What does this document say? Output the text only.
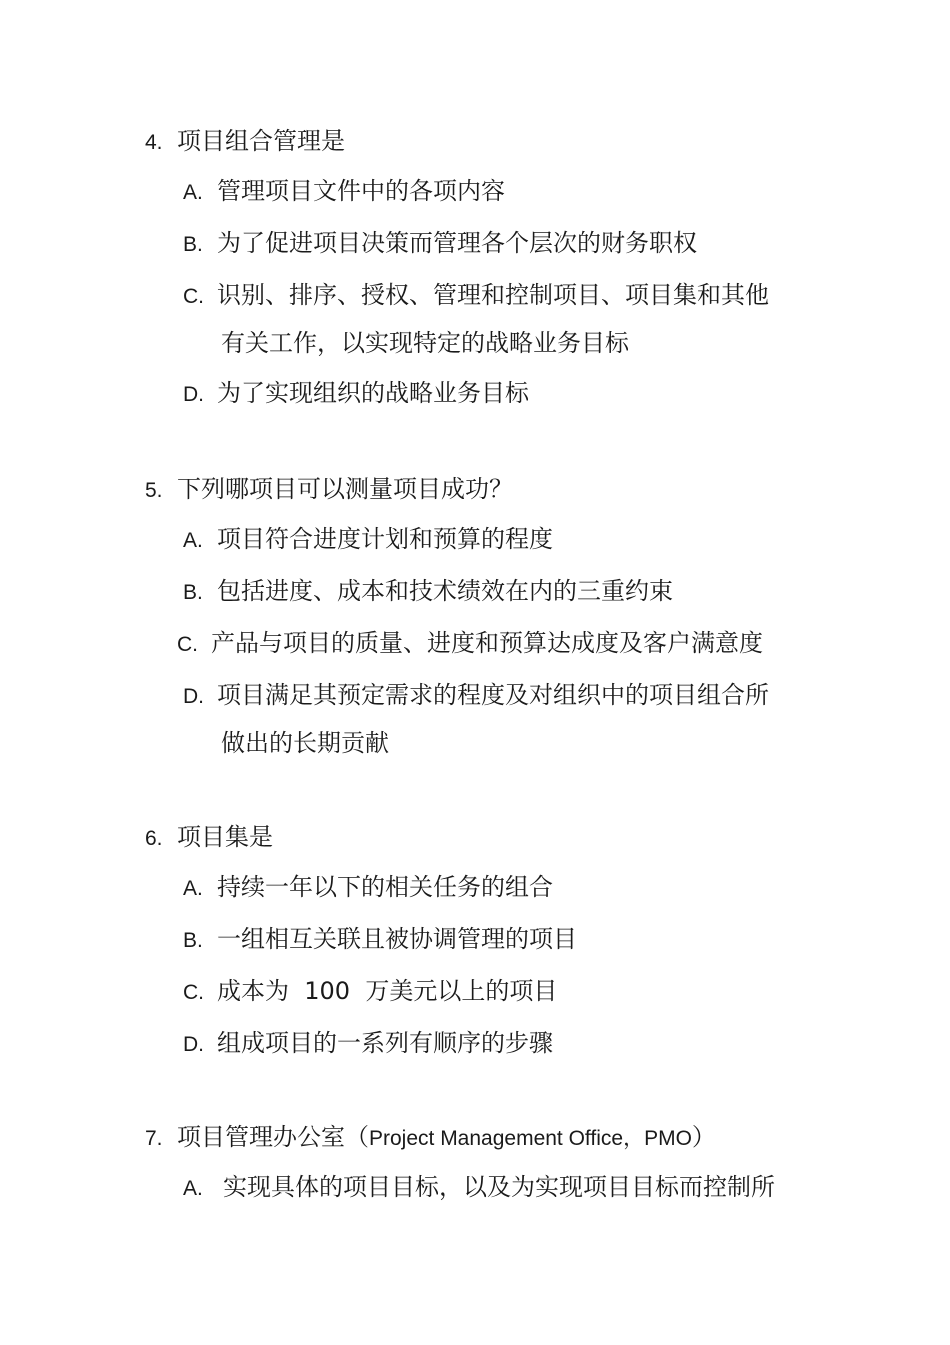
4. 项目组合管理是
A. 管理项目文件中的各项内容
B. 为了促进项目决策而管理各个层次的财务职权
C. 识别、排序、授权、管理和控制项目、项目集和其他
有关工作，以实现特定的战略业务目标
D. 为了实现组织的战略业务目标
5. 下列哪项目可以测量项目成功？
A. 项目符合进度计划和预算的程度
B. 包括进度、成本和技术绩效在内的三重约束
C. 产品与项目的质量、进度和预算达成度及客户满意度
D. 项目满足其预定需求的程度及对组织中的项目组合所
做出的长期贡献
6. 项目集是
A. 持续一年以下的相关任务的组合
B. 一组相互关联且被协调管理的项目
C. 成本为  100  万美元以上的项目
D. 组成项目的一系列有顺序的步骤
7. 项目管理办公室（Project Management Office，PMO）
A. 实现具体的项目目标，以及为实现项目目标而控制所
